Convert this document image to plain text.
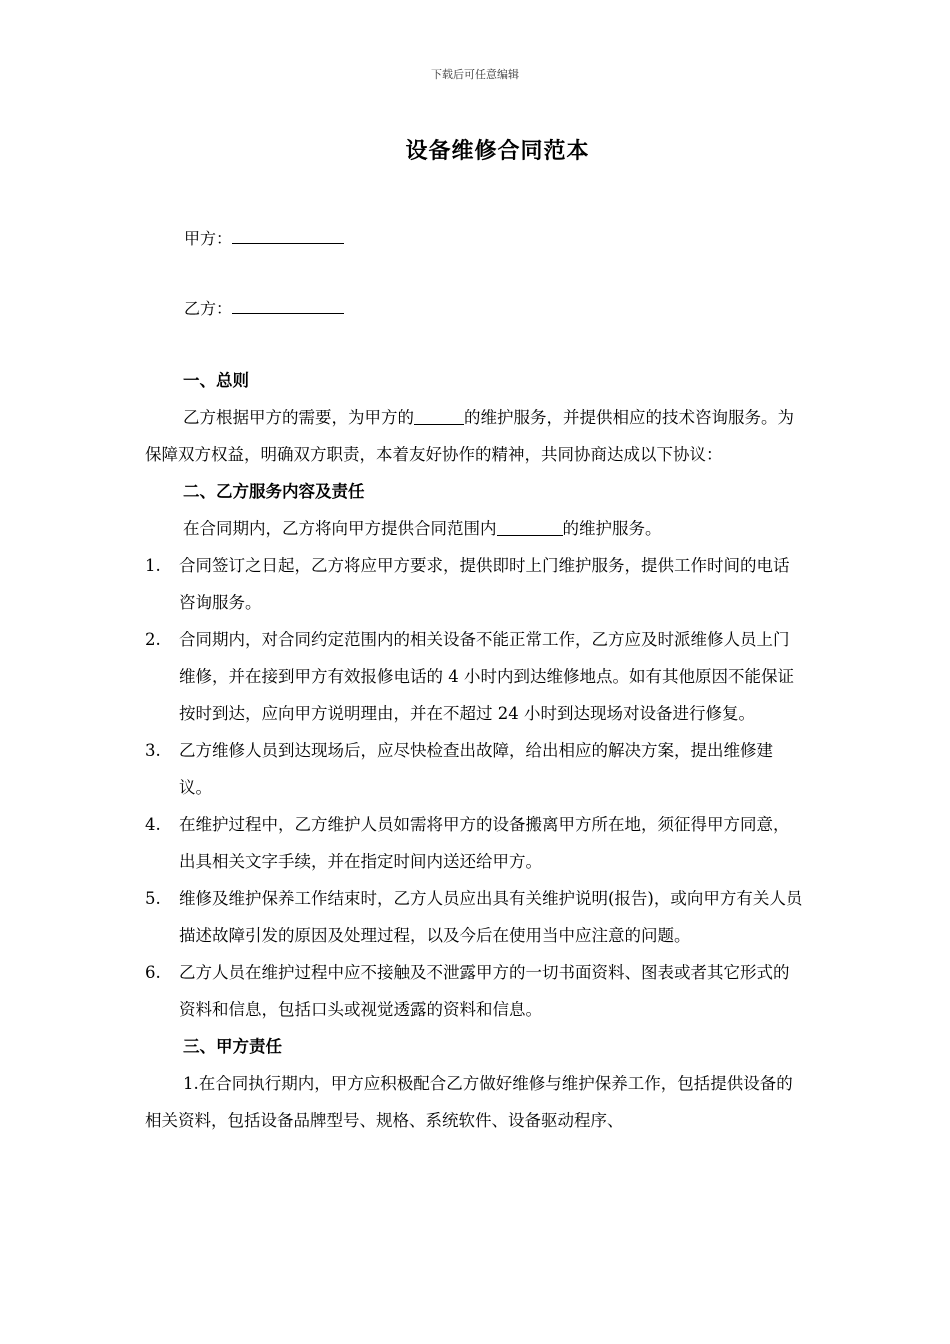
下载后可任意编辑
设备维修合同范本
甲方：
乙方：
一、总则
乙方根据甲方的需要，为甲方的	的维护服务，并提供相应的技术咨询服务。为保障双方权益，明确双方职责，本着友好协作的精神，共同协商达成以下协议：
二、乙方服务内容及责任
在合同期内，乙方将向甲方提供合同范围内	的维护服务。
1.	合同签订之日起，乙方将应甲方要求，提供即时上门维护服务，提供工作时间的电话咨询服务。
2.	合同期内，对合同约定范围内的相关设备不能正常工作，乙方应及时派维修人员上门维修，并在接到甲方有效报修电话的 4 小时内到达维修地点。如有其他原因不能保证按时到达，应向甲方说明理由，并在不超过 24 小时到达现场对设备进行修复。
3.	乙方维修人员到达现场后，应尽快检查出故障，给出相应的解决方案，提出维修建议。
4.	在维护过程中，乙方维护人员如需将甲方的设备搬离甲方所在地，须征得甲方同意，出具相关文字手续，并在指定时间内送还给甲方。
5.	维修及维护保养工作结束时，乙方人员应出具有关维护说明(报告)，或向甲方有关人员描述故障引发的原因及处理过程，以及今后在使用当中应注意的问题。
6.	乙方人员在维护过程中应不接触及不泄露甲方的一切书面资料、图表或者其它形式的资料和信息，包括口头或视觉透露的资料和信息。
三、甲方责任
1.在合同执行期内，甲方应积极配合乙方做好维修与维护保养工作，包括提供设备的相关资料，包括设备品牌型号、规格、系统软件、设备驱动程序、
